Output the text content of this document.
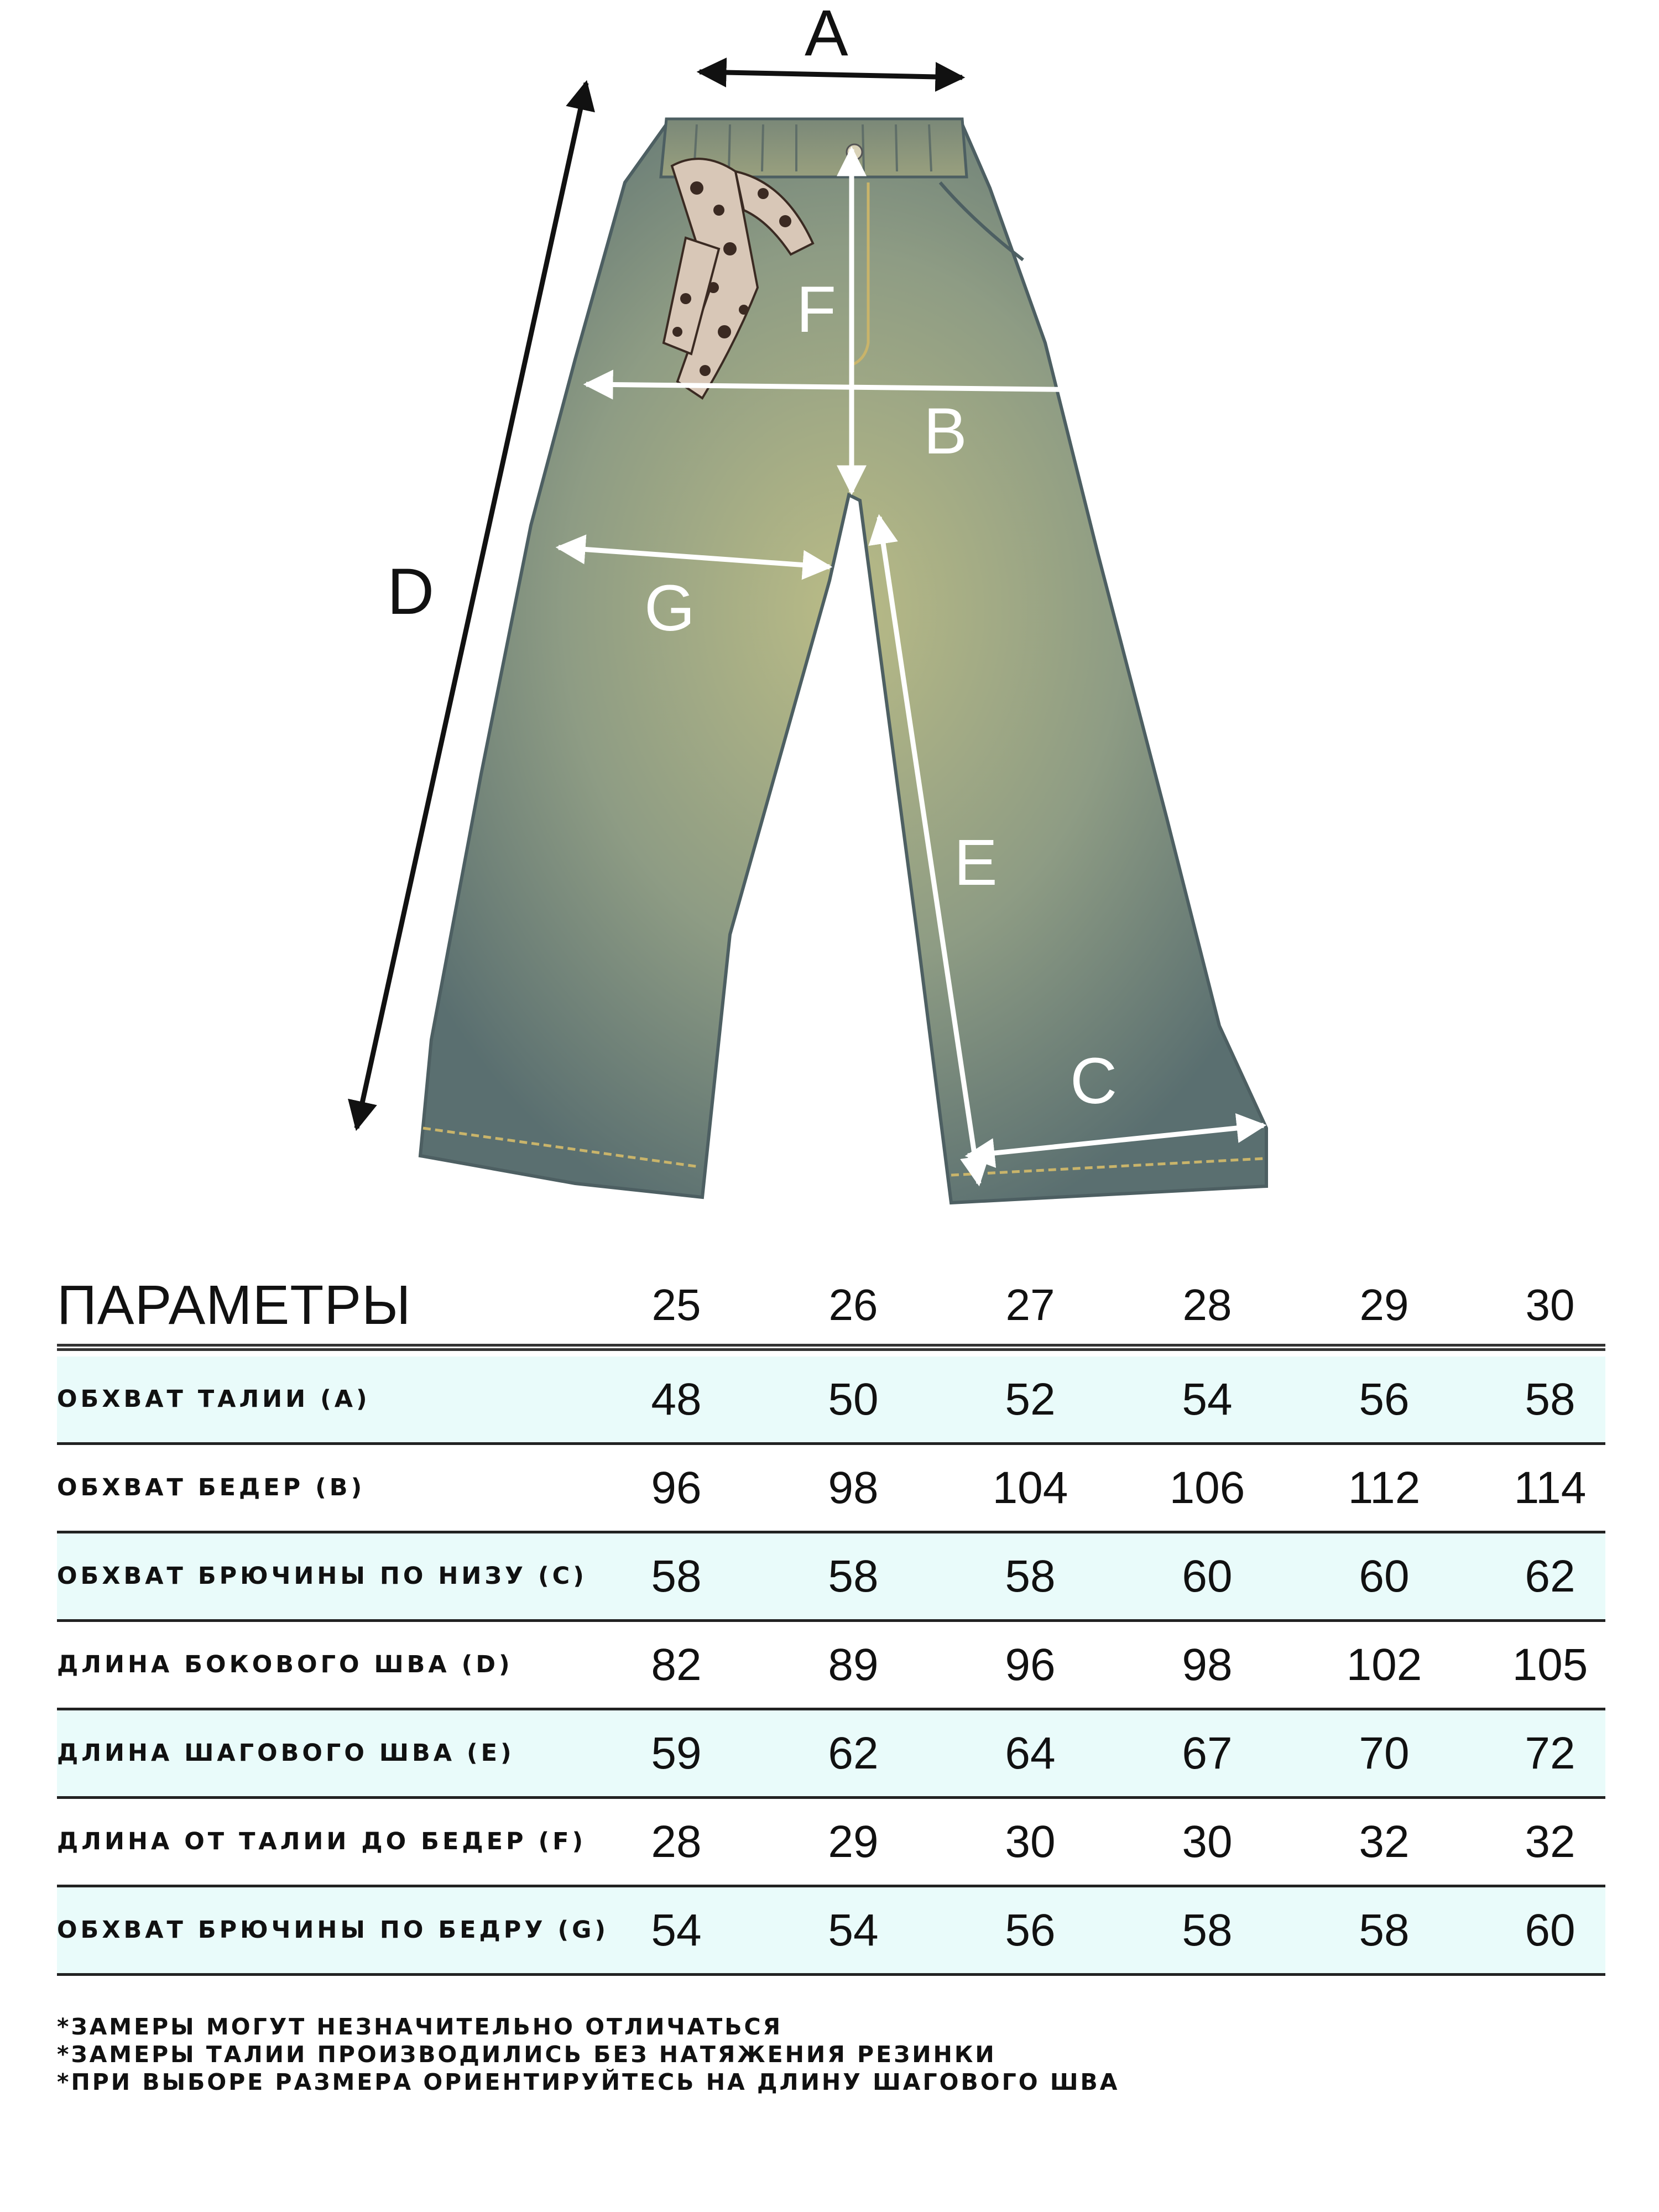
A
D
B
F
G
E
C
ПАРАМЕТРЫ	25	26	27	28	29	30
ОБХВАТ ТАЛИИ (A)	48	50	52	54	56	58
ОБХВАТ БЕДЕР (B)	96	98	104	106	112	114
ОБХВАТ БРЮЧИНЫ ПО НИЗУ (C)	58	58	58	60	60	62
ДЛИНА БОКОВОГО ШВА (D)	82	89	96	98	102	105
ДЛИНА ШАГОВОГО ШВА (E)	59	62	64	67	70	72
ДЛИНА ОТ ТАЛИИ ДО БЕДЕР (F)	28	29	30	30	32	32
ОБХВАТ БРЮЧИНЫ ПО БЕДРУ (G) 54	54	56	58	58	60
*ЗАМЕРЫ МОГУТ НЕЗНАЧИТЕЛЬНО ОТЛИЧАТЬСЯ
*ЗАМЕРЫ ТАЛИИ ПРОИЗВОДИЛИСЬ БЕЗ НАТЯЖЕНИЯ РЕЗИНКИ
*ПРИ ВЫБОРЕ РАЗМЕРА ОРИЕНТИРУЙТЕСЬ НА ДЛИНУ ШАГОВОГО ШВА
